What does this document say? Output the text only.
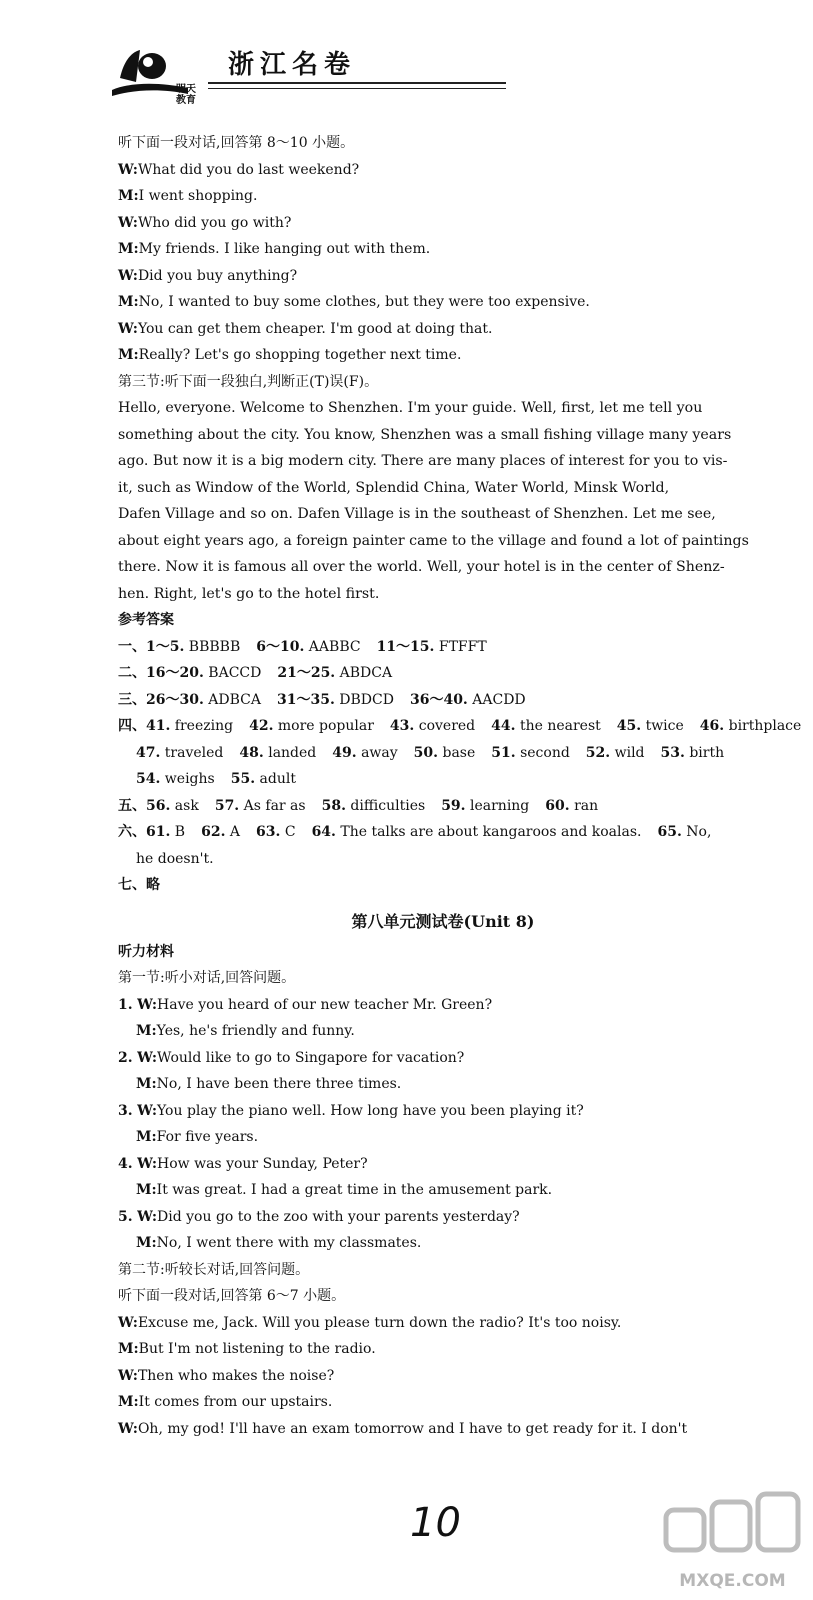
明天
教育
浙江名卷
听下面一段对话,回答第 8～10 小题。
W:What did you do last weekend?
M:I went shopping.
W:Who did you go with?
M:My friends. I like hanging out with them.
W:Did you buy anything?
M:No, I wanted to buy some clothes, but they were too expensive.
W:You can get them cheaper. I'm good at doing that.
M:Really? Let's go shopping together next time.
第三节:听下面一段独白,判断正(T)误(F)。
Hello, everyone. Welcome to Shenzhen. I'm your guide. Well, first, let me tell you
something about the city. You know, Shenzhen was a small fishing village many years
ago. But now it is a big modern city. There are many places of interest for you to vis-
it, such as Window of the World, Splendid China, Water World, Minsk World,
Dafen Village and so on. Dafen Village is in the southeast of Shenzhen. Let me see,
about eight years ago, a foreign painter came to the village and found a lot of paintings
there. Now it is famous all over the world. Well, your hotel is in the center of Shenz-
hen. Right, let's go to the hotel first.
参考答案
一、1～5. BBBBB 6～10. AABBC 11～15. FTFFT
二、16～20. BACCD 21～25. ABDCA
三、26～30. ADBCA 31～35. DBDCD 36～40. AACDD
四、41. freezing 42. more popular 43. covered 44. the nearest 45. twice 46. birthplace
47. traveled 48. landed 49. away 50. base 51. second 52. wild 53. birth
54. weighs 55. adult
五、56. ask 57. As far as 58. difficulties 59. learning 60. ran
六、61. B 62. A 63. C 64. The talks are about kangaroos and koalas. 65. No,
he doesn't.
七、略
第八单元测试卷(Unit 8)
听力材料
第一节:听小对话,回答问题。
1. W:Have you heard of our new teacher Mr. Green?
M:Yes, he's friendly and funny.
2. W:Would like to go to Singapore for vacation?
M:No, I have been there three times.
3. W:You play the piano well. How long have you been playing it?
M:For five years.
4. W:How was your Sunday, Peter?
M:It was great. I had a great time in the amusement park.
5. W:Did you go to the zoo with your parents yesterday?
M:No, I went there with my classmates.
第二节:听较长对话,回答问题。
听下面一段对话,回答第 6～7 小题。
W:Excuse me, Jack. Will you please turn down the radio? It's too noisy.
M:But I'm not listening to the radio.
W:Then who makes the noise?
M:It comes from our upstairs.
W:Oh, my god! I'll have an exam tomorrow and I have to get ready for it. I don't
10
MXQE.COM
